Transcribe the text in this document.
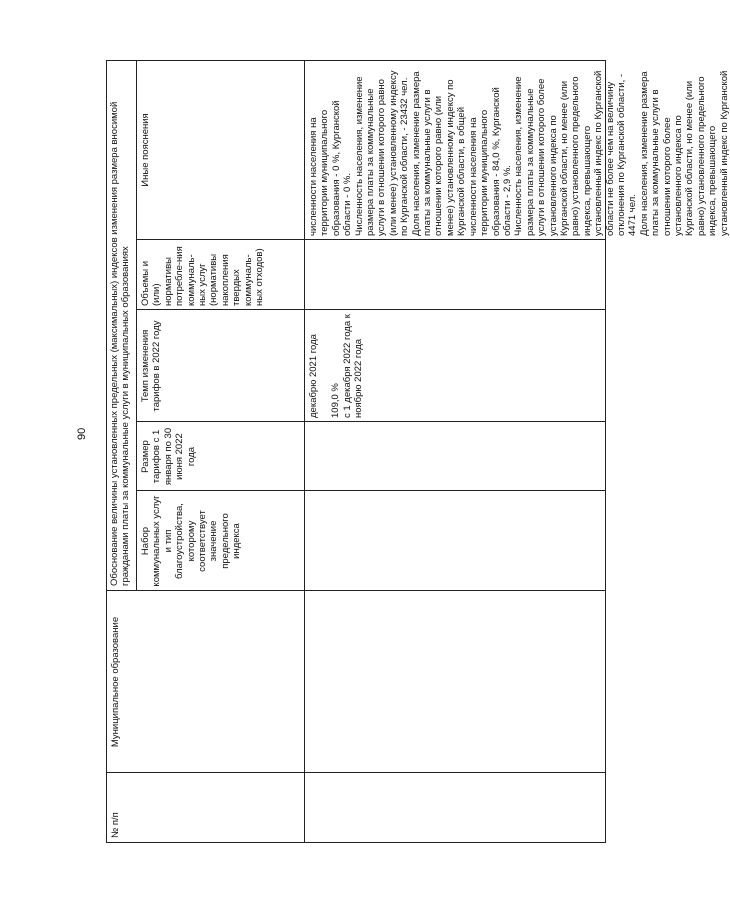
90
№ п/п
Муниципальное образование
Обоснование величины установленных предельных (максимальных) индексов изменения размера вносимой гражданами платы за коммунальные услуги в муниципальных образованиях Набор коммунальных услуг и тип благоустройства, которому соответствует значение предельного индекса
Размер тарифов с 1 января по 30 июня 2022 года
Темп изменения тарифов в 2022 году
Объемы и (или) нормативы потребле-ния коммуналь-ных услуг (нормативы накопления твердых коммуналь-ных отходов)
Иные пояснения
декабрю 2021 года 109,0 % с 1 декабря 2022 года к ноябрю 2022 года

численности населения на территории муниципального образования - 0 %, Курганской области - 0 %. Численность населения, изменение размера платы за коммунальные услуги в отношении которого равно (или менее) установленному индексу по Курганской области, - 23432 чел. Доля населения, изменение размера платы за коммунальные услуги в отношении которого равно (или менее) установленному индексу по Курганской области, в общей численности населения на территории муниципального образования - 84,0 %, Курганской области - 2,9 %. Численность населения, изменение размера платы за коммунальные услуги в отношении которого более установленного индекса по Курганской области, но менее (или равно) установленного предельного индекса, превышающего установленный индекс по Курганской области не более чем на величину отклонения по Курганской области, - 4471 чел. Доля населения, изменение размера платы за коммунальные услуги в отношении которого более установленного индекса по Курганской области, но менее (или равно) установленного предельного индекса, превышающего установленный индекс по Курганской
